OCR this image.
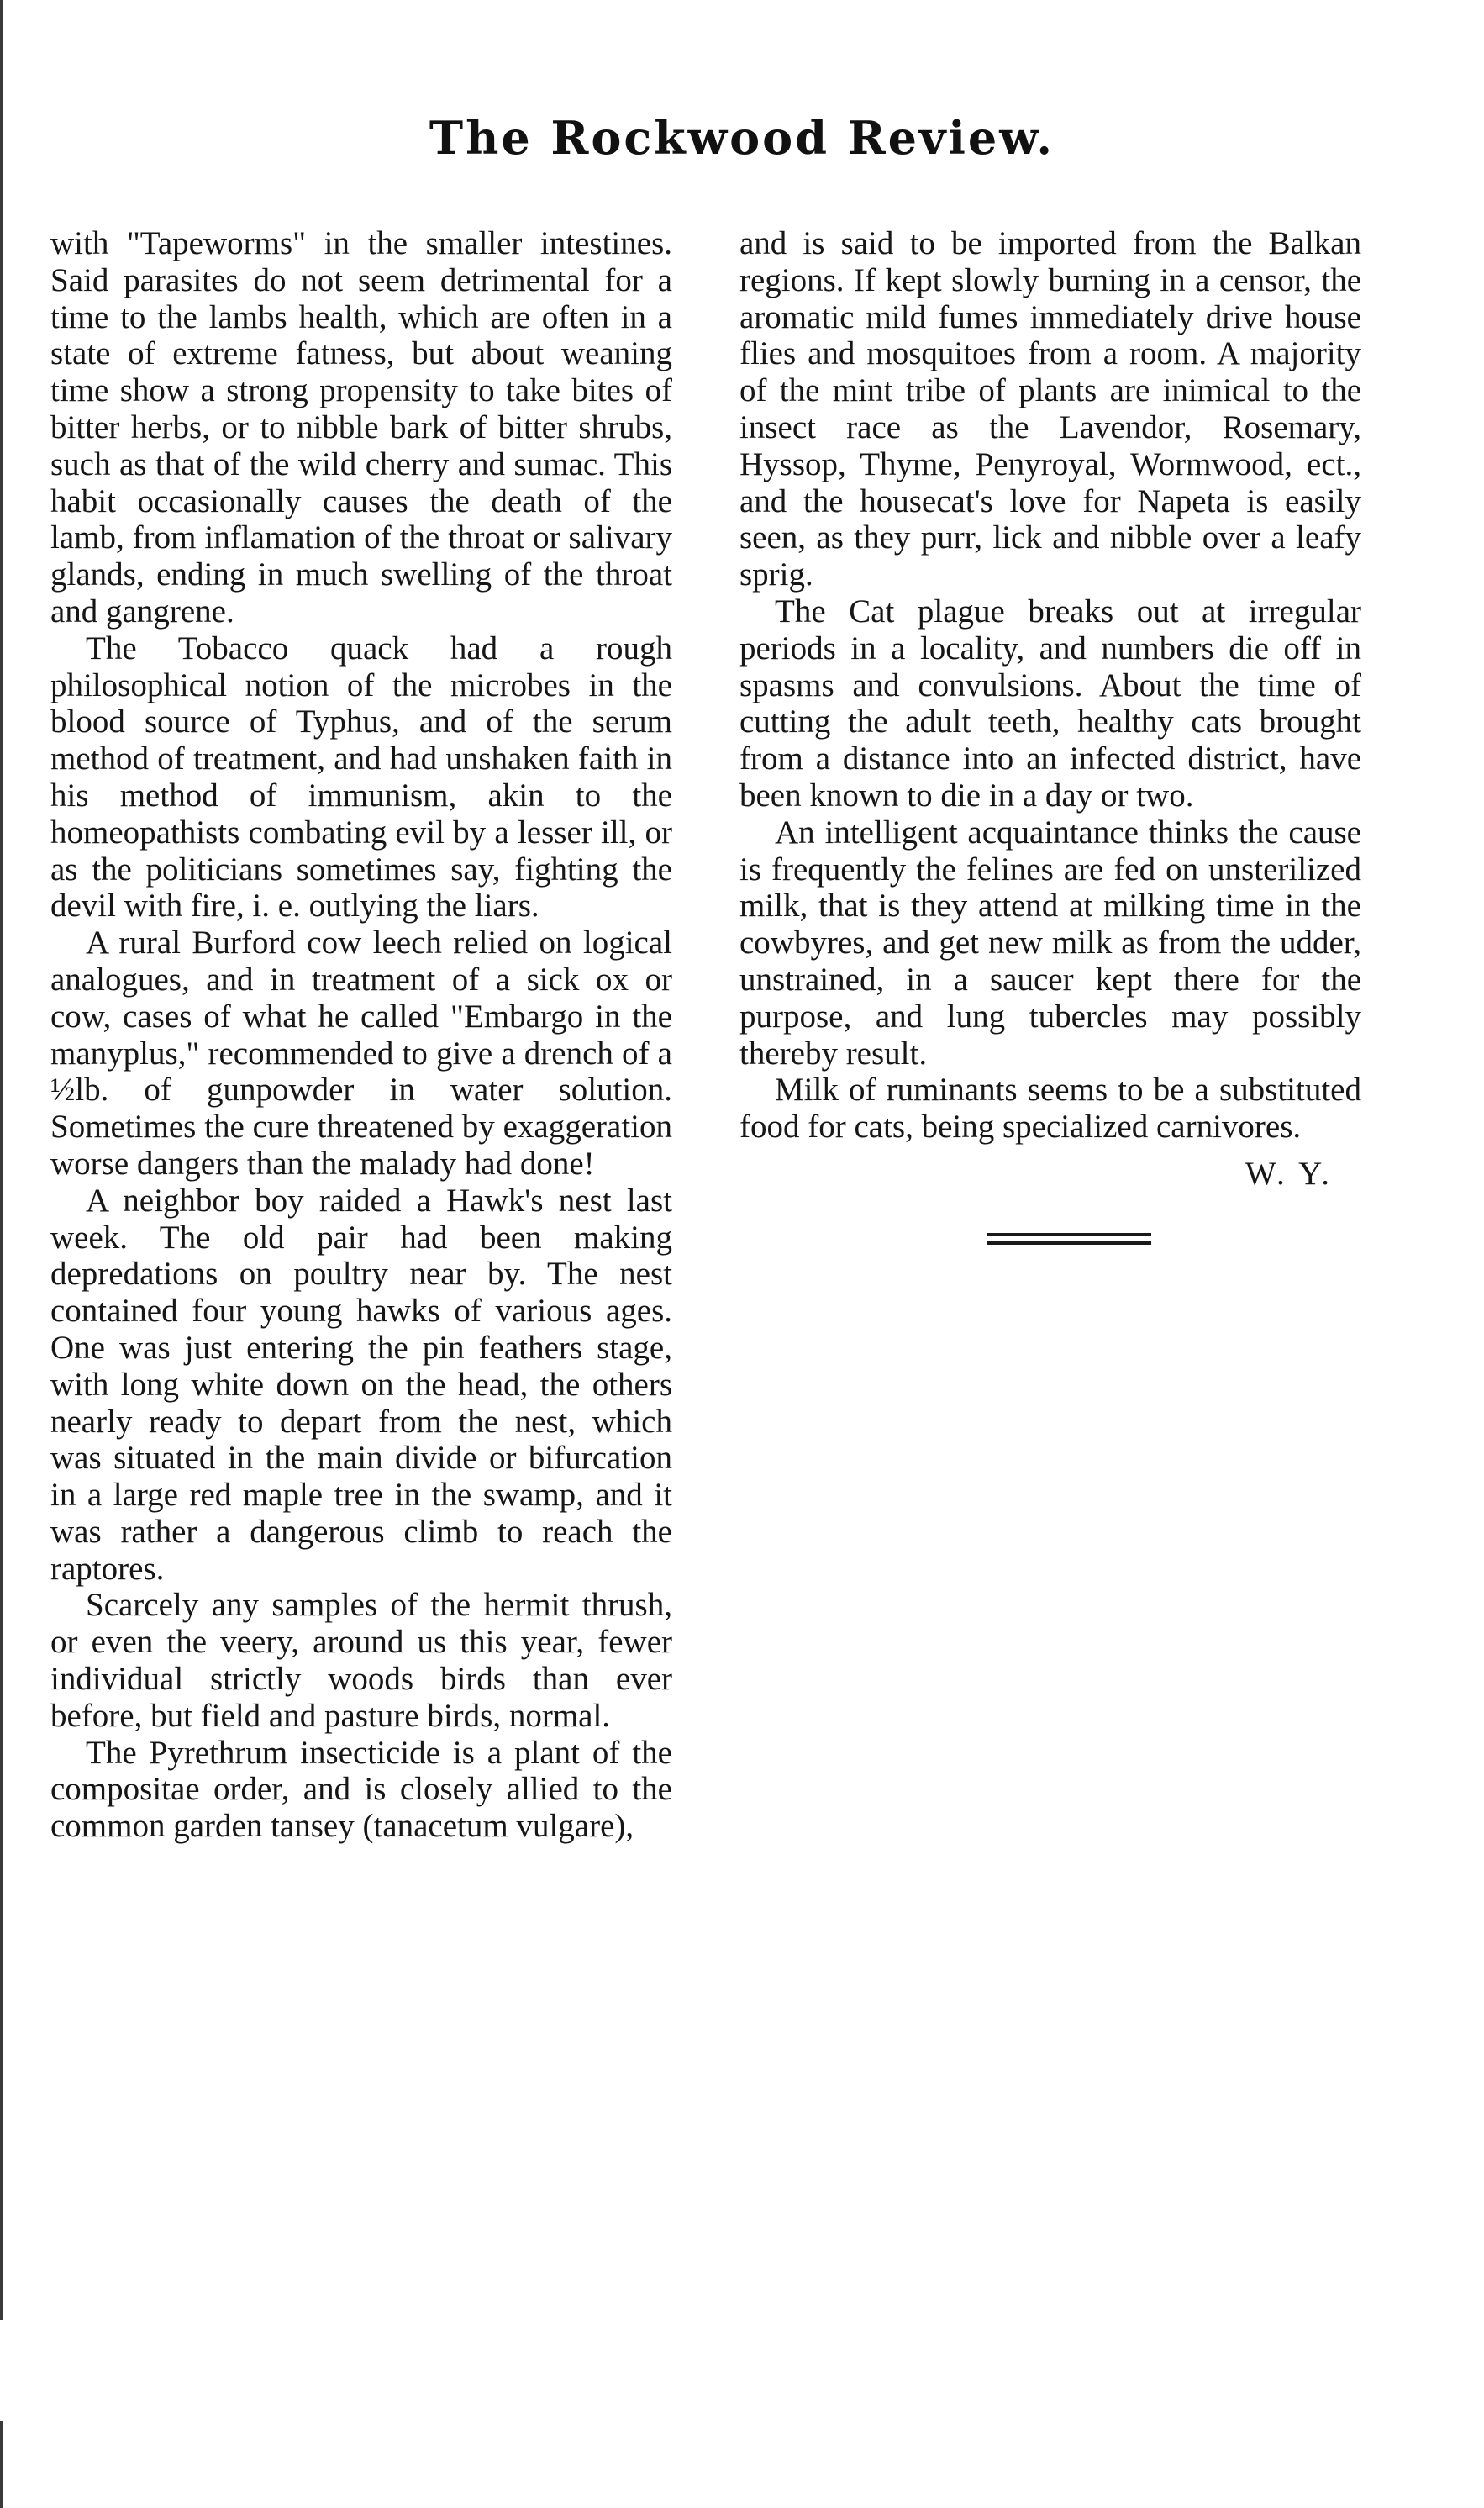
The Rockwood Review.

with "Tapeworms" in the smaller intestines. Said parasites do not seem detrimental for a time to the lambs health, which are often in a state of extreme fatness, but about weaning time show a strong propensity to take bites of bitter herbs, or to nibble bark of bitter shrubs, such as that of the wild cherry and sumac. This habit occasionally causes the death of the lamb, from inflamation of the throat or salivary glands, ending in much swelling of the throat and gangrene.

The Tobacco quack had a rough philosophical notion of the microbes in the blood source of Typhus, and of the serum method of treatment, and had unshaken faith in his method of immunism, akin to the homeopathists combating evil by a lesser ill, or as the politicians sometimes say, fighting the devil with fire, i. e. outlying the liars.

A rural Burford cow leech relied on logical analogues, and in treatment of a sick ox or cow, cases of what he called "Embargo in the manyplus," recommended to give a drench of a ½lb. of gunpowder in water solution. Sometimes the cure threatened by exaggeration worse dangers than the malady had done!

A neighbor boy raided a Hawk's nest last week. The old pair had been making depredations on poultry near by. The nest contained four young hawks of various ages. One was just entering the pin feathers stage, with long white down on the head, the others nearly ready to depart from the nest, which was situated in the main divide or bifurcation in a large red maple tree in the swamp, and it was rather a dangerous climb to reach the raptores.

Scarcely any samples of the hermit thrush, or even the veery, around us this year, fewer individual strictly woods birds than ever before, but field and pasture birds, normal.

The Pyrethrum insecticide is a plant of the compositae order, and is closely allied to the common garden tansey (tanacetum vulgare),

and is said to be imported from the Balkan regions. If kept slowly burning in a censor, the aromatic mild fumes immediately drive house flies and mosquitoes from a room. A majority of the mint tribe of plants are inimical to the insect race as the Lavendor, Rosemary, Hyssop, Thyme, Penyroyal, Wormwood, ect., and the housecat's love for Napeta is easily seen, as they purr, lick and nibble over a leafy sprig.

The Cat plague breaks out at irregular periods in a locality, and numbers die off in spasms and convulsions. About the time of cutting the adult teeth, healthy cats brought from a distance into an infected district, have been known to die in a day or two.

An intelligent acquaintance thinks the cause is frequently the felines are fed on unsterilized milk, that is they attend at milking time in the cowbyres, and get new milk as from the udder, unstrained, in a saucer kept there for the purpose, and lung tubercles may possibly thereby result.

Milk of ruminants seems to be a substituted food for cats, being specialized carnivores.

W. Y.
